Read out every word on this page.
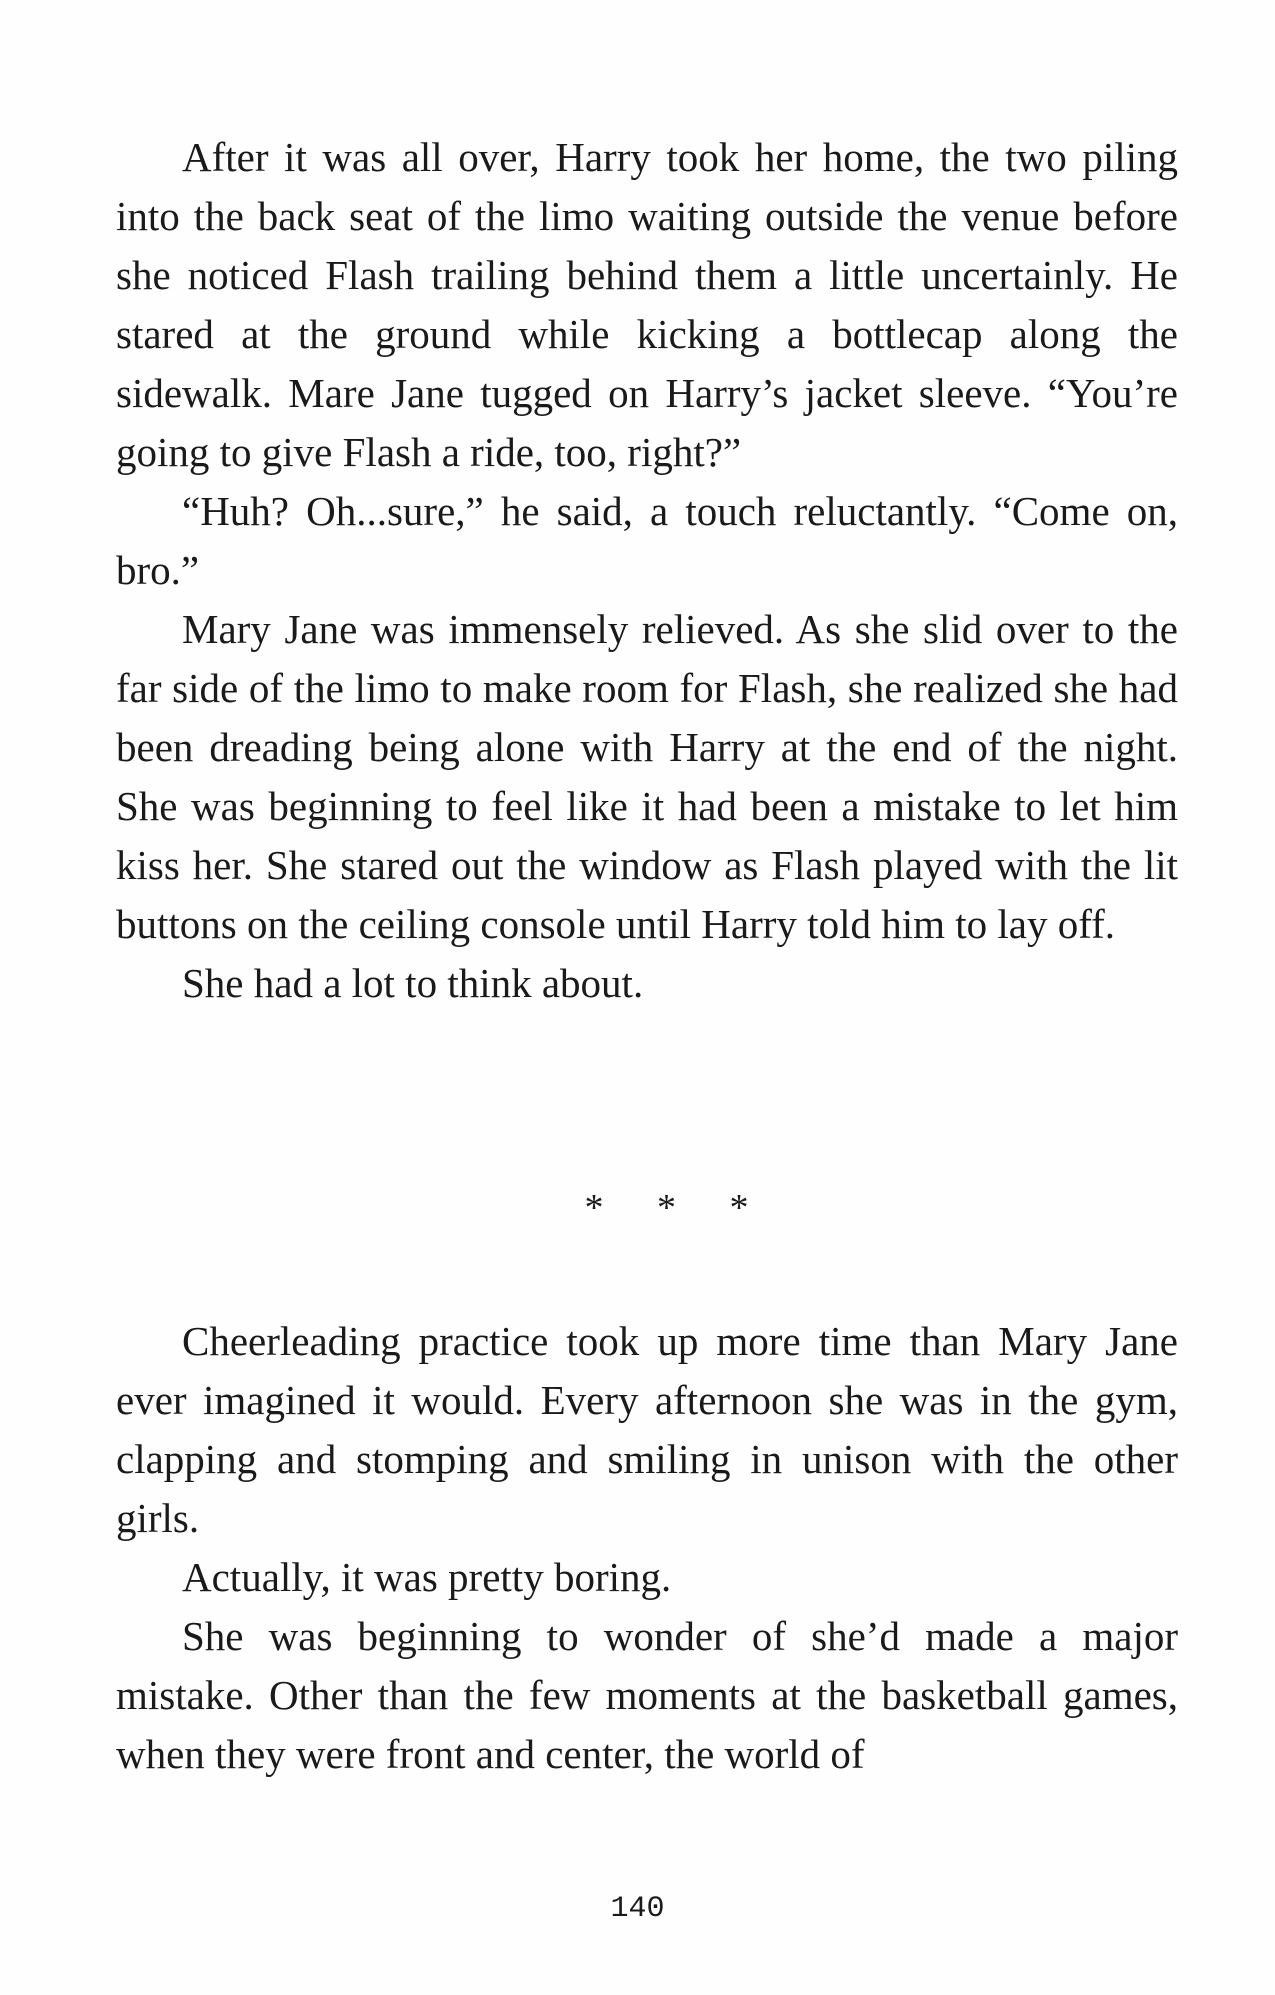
After it was all over, Harry took her home, the two piling into the back seat of the limo waiting outside the venue before she noticed Flash trailing behind them a little uncertainly. He stared at the ground while kicking a bottlecap along the sidewalk. Mare Jane tugged on Harry’s jacket sleeve. “You’re going to give Flash a ride, too, right?”

“Huh? Oh...sure,” he said, a touch reluctantly. “Come on, bro.”

Mary Jane was immensely relieved. As she slid over to the far side of the limo to make room for Flash, she realized she had been dreading being alone with Harry at the end of the night. She was beginning to feel like it had been a mistake to let him kiss her. She stared out the window as Flash played with the lit buttons on the ceiling console until Harry told him to lay off.

She had a lot to think about.

* * *

Cheerleading practice took up more time than Mary Jane ever imagined it would. Every afternoon she was in the gym, clapping and stomping and smiling in unison with the other girls.

Actually, it was pretty boring.

She was beginning to wonder of she’d made a major mistake. Other than the few moments at the basketball games, when they were front and center, the world of

140
